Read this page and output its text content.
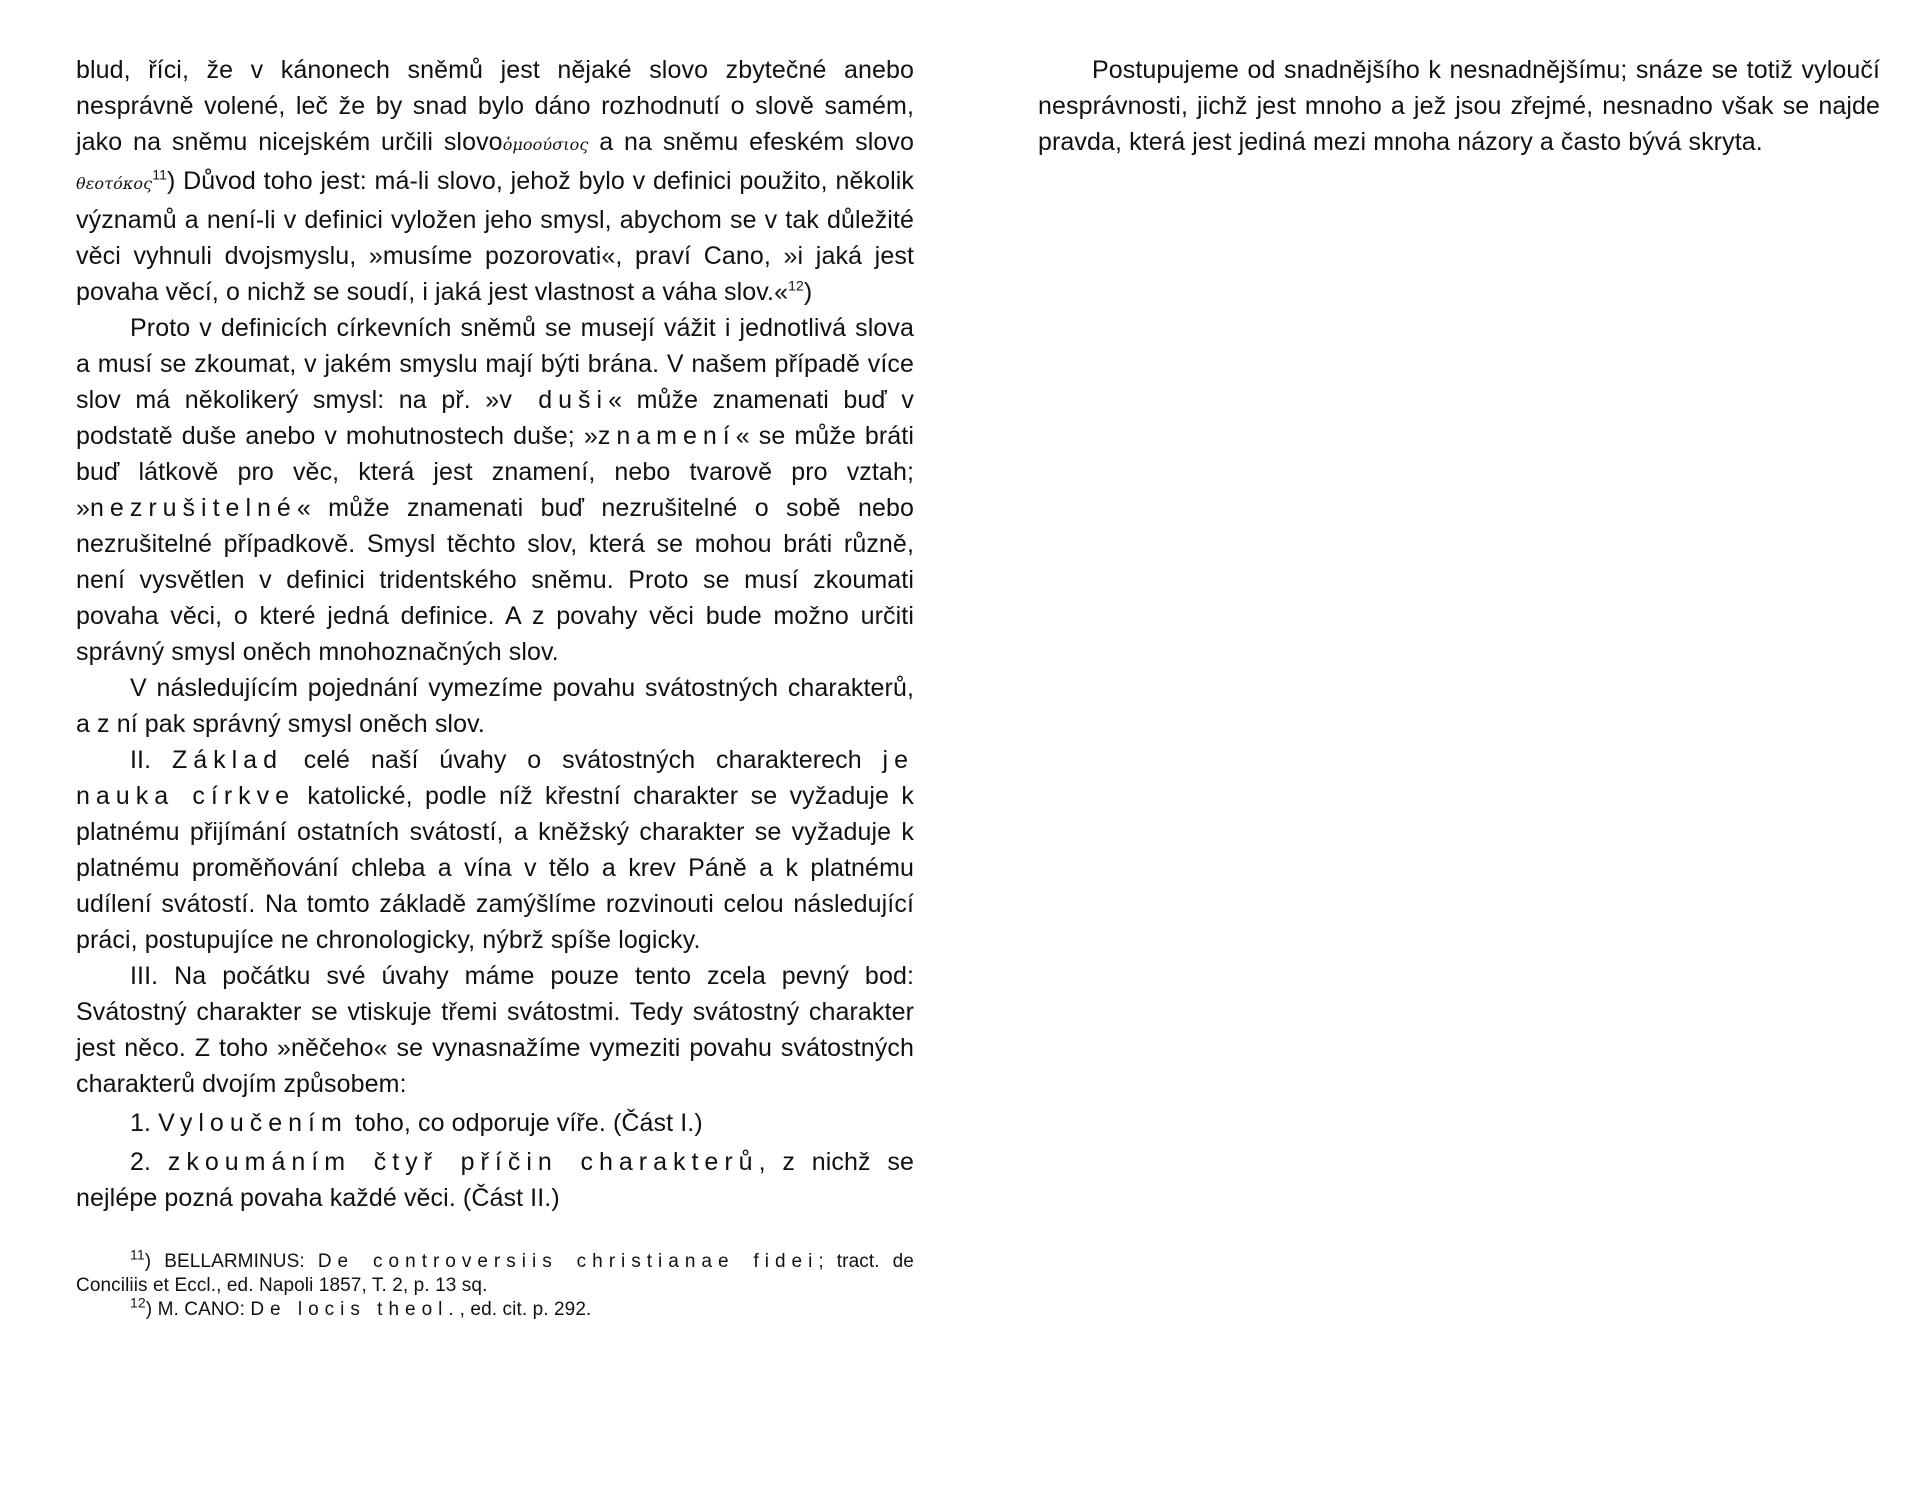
blud, říci, že v kánonech sněmů jest nějaké slovo zbytečné anebo nesprávně volené, leč že by snad bylo dáno rozhodnutí o slově samém, jako na sněmu nicejském určili slovoὁμοούσιος a na sněmu efeském slovo θεοτόκος$^{11}$) Důvod toho jest: má-li slovo, jehož bylo v definici použito, několik významů a není-li v definici vyložen jeho smysl, abychom se v tak důležité věci vyhnuli dvojsmyslu, »musíme pozorovati«, praví Cano, »i jaká jest povaha věcí, o nichž se soudí, i jaká jest vlastnost a váha slov.«$^{12}$)

Proto v definicích církevních sněmů se musejí vážit i jednotlivá slova a musí se zkoumat, v jakém smyslu mají býti brána. V našem případě více slov má několikerý smysl: na př. »v duši« může znamenati buď v podstatě duše anebo v mohutnostech duše; »znamení« se může bráti buď látkově pro věc, která jest znamení, nebo tvarově pro vztah; »nezrušitelné« může znamenati buď nezrušitelné o sobě nebo nezrušitelné případkově. Smysl těchto slov, která se mohou bráti různě, není vysvětlen v definici tridentského sněmu. Proto se musí zkoumati povaha věci, o které jedná definice. A z povahy věci bude možno určiti správný smysl oněch mnohoznačných slov.

V následujícím pojednání vymezíme povahu svátostných charakterů, a z ní pak správný smysl oněch slov.

II. Základ celé naší úvahy o svátostných charakterech je nauka církve katolické, podle níž křestní charakter se vyžaduje k platnému přijímání ostatních svátostí, a kněžský charakter se vyžaduje k platnému proměňování chleba a vína v tělo a krev Páně a k platnému udílení svátostí. Na tomto základě zamýšlíme rozvinouti celou následující práci, postupujíce ne chronologicky, nýbrž spíše logicky.

III. Na počátku své úvahy máme pouze tento zcela pevný bod: Svátostný charakter se vtiskuje třemi svátostmi. Tedy svátostný charakter jest něco. Z toho »něčeho« se vynasnažíme vymeziti povahu svátostných charakterů dvojím způsobem:

1. Vyloučením toho, co odporuje víře. (Část I.)

2. zkoumáním čtyř příčin charakterů, z nichž se nejlépe pozná povaha každé věci. (Část II.)

$^{11}$) BELLARMINUS: De controversiis christianae fidei; tract. de Conciliis et Eccl., ed. Napoli 1857, T. 2, p. 13 sq.

$^{12}$) M. CANO: De locis theol., ed. cit. p. 292.

Postupujeme od snadnějšího k nesnadnějšímu; snáze se totiž vyloučí nesprávnosti, jichž jest mnoho a jež jsou zřejmé, nesnadno však se najde pravda, která jest jediná mezi mnoha názory a často bývá skryta.
